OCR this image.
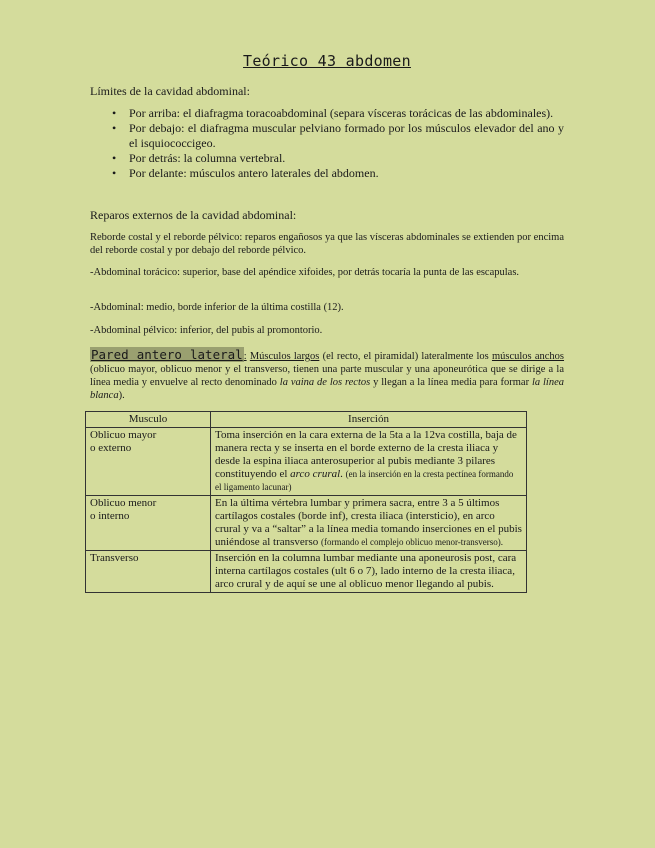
Teórico 43 abdomen
Límites de la cavidad abdominal:
• Por arriba: el diafragma toracoabdominal (separa vísceras torácicas de las abdominales).
• Por debajo: el diafragma muscular pelviano formado por los músculos elevador del ano y el isquiococcigeo.
• Por detrás: la columna vertebral.
• Por delante: músculos antero laterales del abdomen.
Reparos externos de la cavidad abdominal:
Reborde costal y el reborde pélvico: reparos engañosos ya que las vísceras abdominales se extienden por encima del reborde costal y por debajo del reborde pélvico.
-Abdominal torácico: superior, base del apéndice xifoides, por detrás tocaría la punta de las escapulas.
-Abdominal: medio, borde inferior de la última costilla (12).
-Abdominal pélvico: inferior, del pubis al promontorio.
Pared antero lateral: Músculos largos (el recto, el piramidal) lateralmente los músculos anchos (oblicuo mayor, oblicuo menor y el transverso, tienen una parte muscular y una aponeurótica que se dirige a la línea media y envuelve al recto denominado la vaina de los rectos y llegan a la línea media para formar la línea blanca).
Musculo	Inserción

Oblicuo mayor
o externo	Toma inserción en la cara externa de la 5ta a la 12va costilla, baja de manera recta y se inserta en el borde externo de la cresta iliaca y desde la espina iliaca anterosuperior al pubis mediante 3 pilares constituyendo el arco crural. (en la inserción en la cresta pectínea formando el ligamento lacunar)

Oblicuo menor
o interno	En la última vértebra lumbar y primera sacra, entre 3 a 5 últimos cartílagos costales (borde inf), cresta iliaca (intersticio), en arco crural y va a “saltar” a la línea media tomando inserciones en el pubis uniéndose al transverso (formando el complejo oblicuo menor-transverso).

Transverso	Inserción en la columna lumbar mediante una aponeurosis post, cara interna cartílagos costales (ult 6 o 7), lado interno de la cresta iliaca, arco crural y de aquí se une al oblicuo menor llegando al pubis.
